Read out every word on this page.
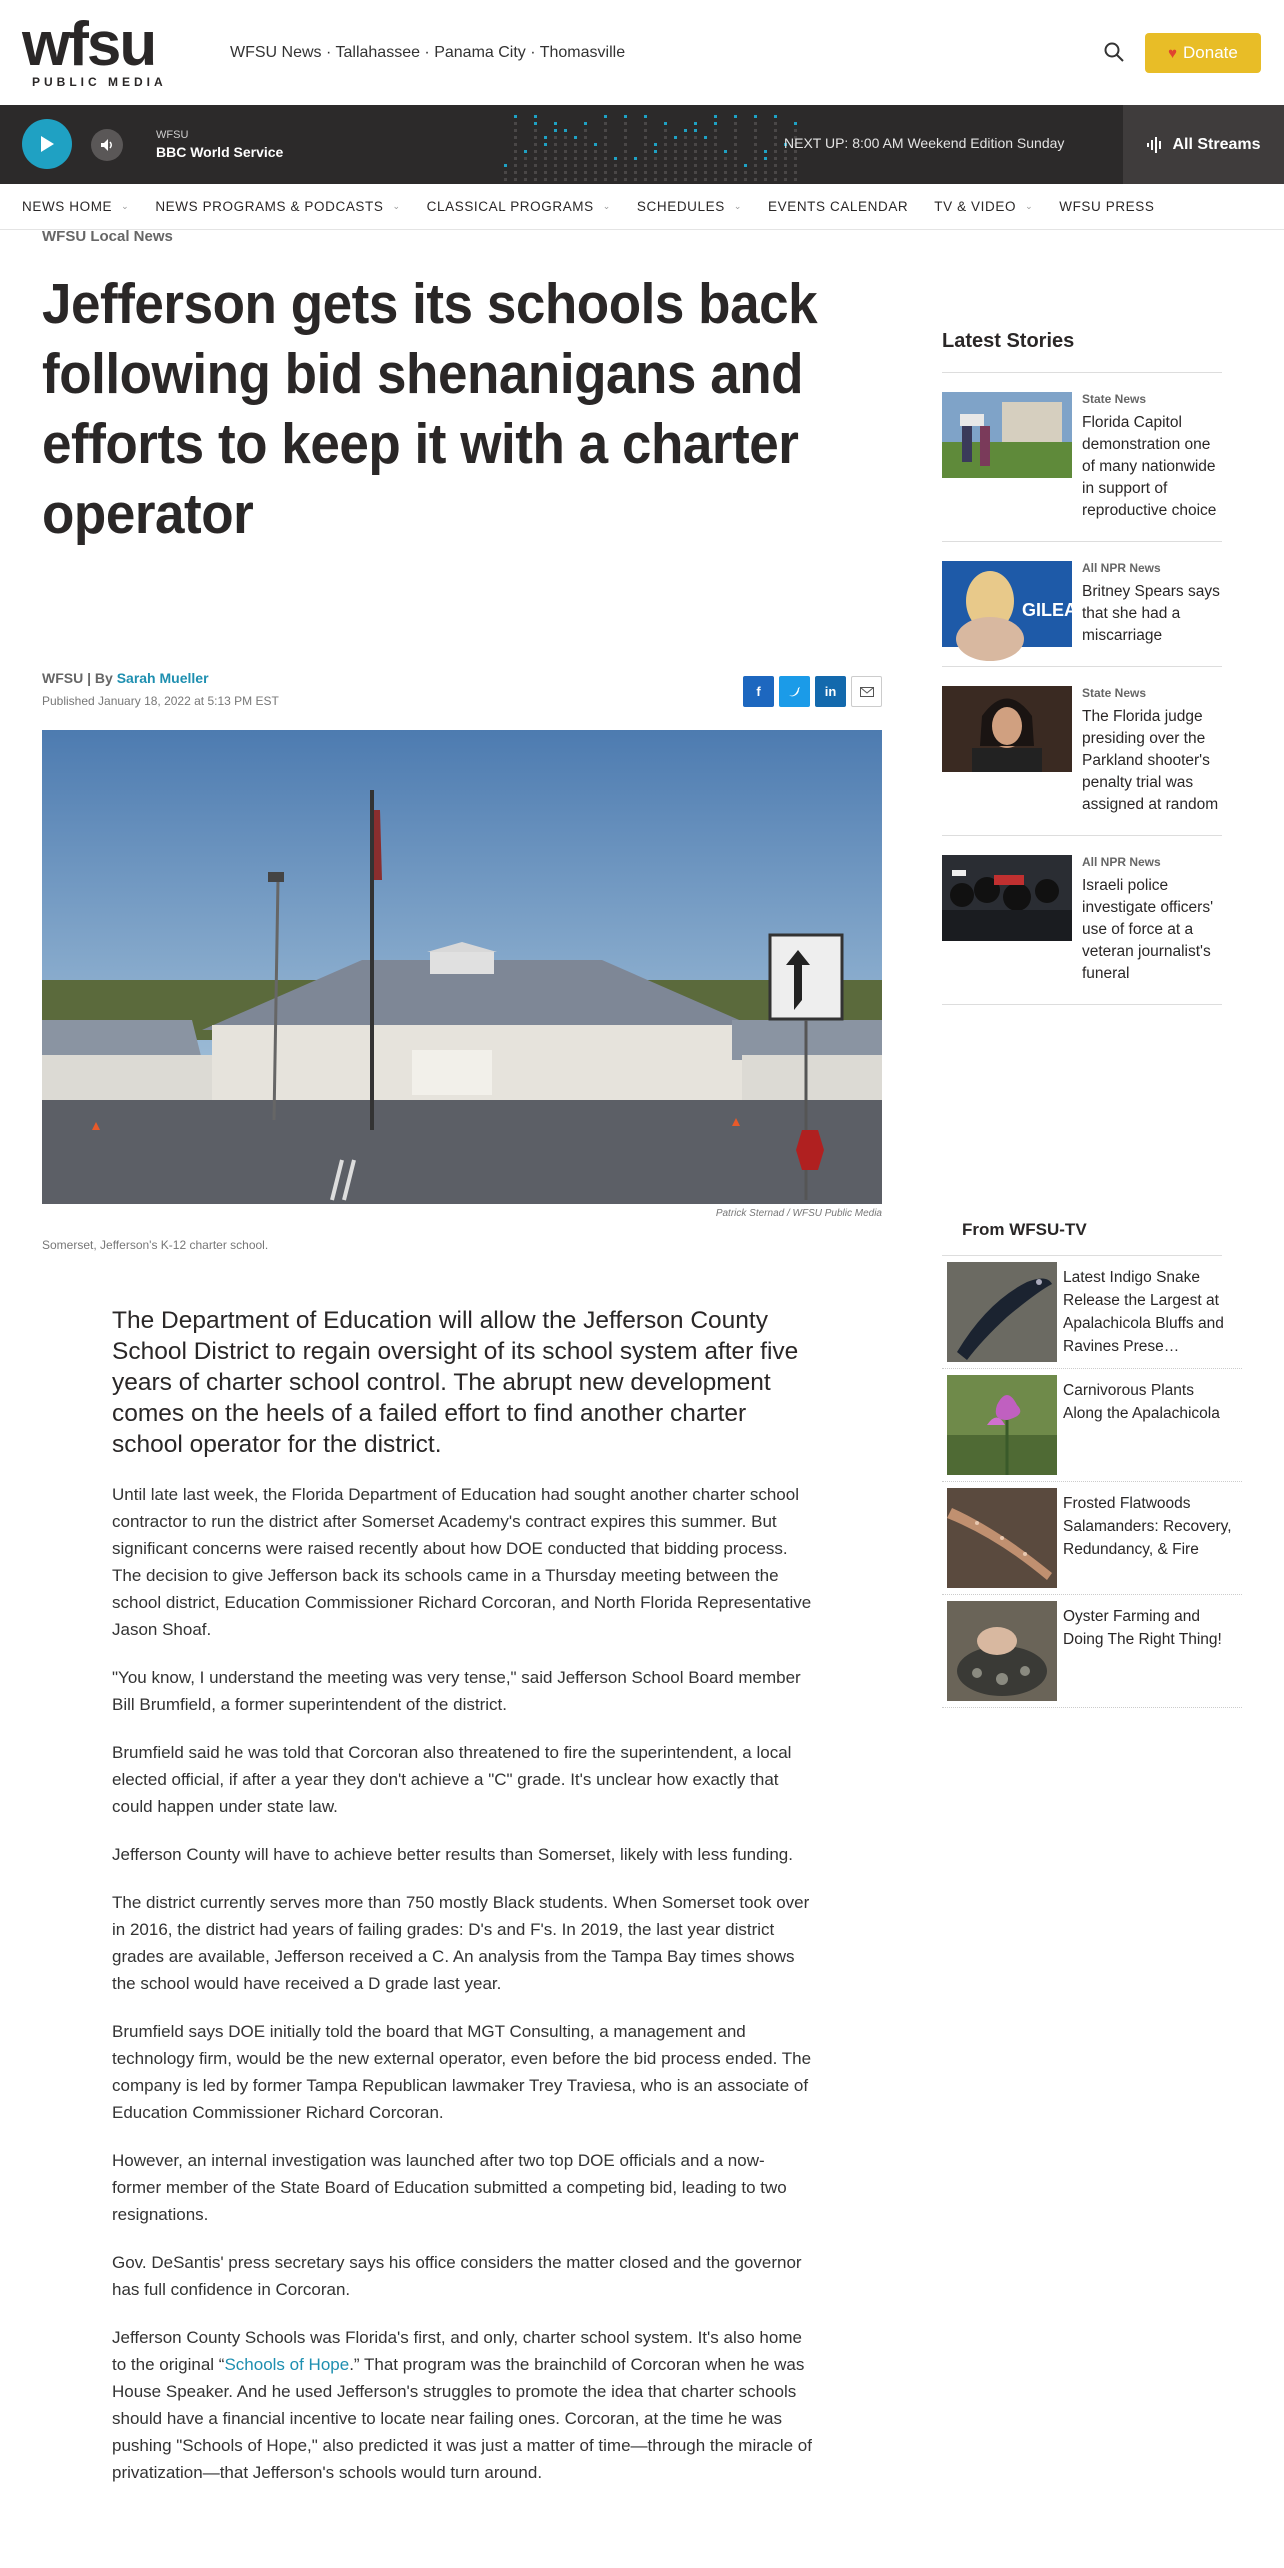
wfsu
PUBLIC MEDIA
WFSU News · Tallahassee · Panama City · Thomasville	♥ Donate
WFSU
BBC World Service
NEXT UP: 8:00 AM Weekend Edition Sunday	All Streams
NEWS HOME ⌄ NEWS PROGRAMS & PODCASTS ⌄ CLASSICAL PROGRAMS ⌄ SCHEDULES ⌄ EVENTS CALENDAR TV & VIDEO ⌄ WFSU PRESS
WFSU Local News
Jefferson gets its schools back following bid shenanigans and efforts to keep it with a charter operator
WFSU | By Sarah Mueller
Published January 18, 2022 at 5:13 PM EST
f	in
Patrick Sternad / WFSU Public Media
Somerset, Jefferson's K-12 charter school.

The Department of Education will allow the Jefferson County School District to regain oversight of its school system after five years of charter school control. The abrupt new development comes on the heels of a failed effort to find another charter school operator for the district.

Until late last week, the Florida Department of Education had sought another charter school contractor to run the district after Somerset Academy's contract expires this summer. But significant concerns were raised recently about how DOE conducted that bidding process. The decision to give Jefferson back its schools came in a Thursday meeting between the school district, Education Commissioner Richard Corcoran, and North Florida Representative Jason Shoaf.

"You know, I understand the meeting was very tense," said Jefferson School Board member Bill Brumfield, a former superintendent of the district.

Brumfield said he was told that Corcoran also threatened to fire the superintendent, a local elected official, if after a year they don't achieve a "C" grade. It's unclear how exactly that could happen under state law.

Jefferson County will have to achieve better results than Somerset, likely with less funding.

The district currently serves more than 750 mostly Black students. When Somerset took over in 2016, the district had years of failing grades: D's and F's. In 2019, the last year district grades are available, Jefferson received a C. An analysis from the Tampa Bay times shows the school would have received a D grade last year.

Brumfield says DOE initially told the board that MGT Consulting, a management and technology firm, would be the new external operator, even before the bid process ended. The company is led by former Tampa Republican lawmaker Trey Traviesa, who is an associate of Education Commissioner Richard Corcoran.

However, an internal investigation was launched after two top DOE officials and a now-former member of the State Board of Education submitted a competing bid, leading to two resignations.

Gov. DeSantis' press secretary says his office considers the matter closed and the governor has full confidence in Corcoran.

Jefferson County Schools was Florida's first, and only, charter school system. It's also home to the original “Schools of Hope.” That program was the brainchild of Corcoran when he was House Speaker. And he used Jefferson's struggles to promote the idea that charter schools should have a financial incentive to locate near failing ones. Corcoran, at the time he was pushing "Schools of Hope," also predicted it was just a matter of time—through the miracle of privatization—that Jefferson's schools would turn around.

Latest Stories
State News
Florida Capitol demonstration one of many nationwide in support of reproductive choice
GILEAD
All NPR News
Britney Spears says that she had a miscarriage
State News
The Florida judge presiding over the Parkland shooter's penalty trial was assigned at random
All NPR News
Israeli police investigate officers' use of force at a veteran journalist's funeral
From WFSU-TV
Latest Indigo Snake Release the Largest at Apalachicola Bluffs and Ravines Prese…
Carnivorous Plants Along the Apalachicola
Frosted Flatwoods Salamanders: Recovery, Redundancy, & Fire
Oyster Farming and Doing The Right Thing!
